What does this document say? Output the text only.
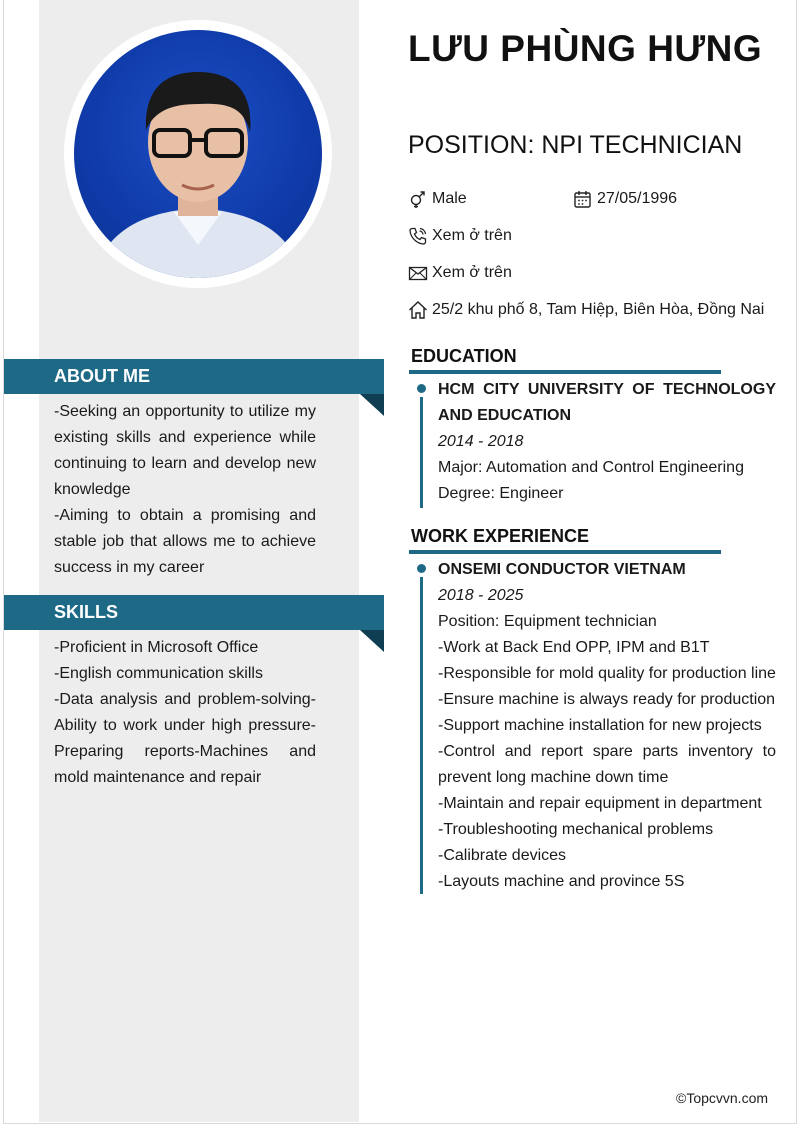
ABOUT ME

-Seeking an opportunity to utilize my existing skills and experience while continuing to learn and develop new knowledge

-Aiming to obtain a promising and stable job that allows me to achieve success in my career

SKILLS

-Proficient in Microsoft Office

-English communication skills

-Data analysis and problem-solving-Ability to work under high pressure-Preparing reports-Machines and mold maintenance and repair

LƯU PHÙNG HƯNG
POSITION: NPI TECHNICIAN
Male	27/05/1996
Xem ở trên
Xem ở trên
25/2 khu phố 8, Tam Hiệp, Biên Hòa, Đồng Nai
EDUCATION
HCM CITY UNIVERSITY OF TECHNOLOGY AND EDUCATION
2014 - 2018
Major: Automation and Control Engineering
Degree: Engineer
WORK EXPERIENCE
ONSEMI CONDUCTOR VIETNAM
2018 - 2025
Position: Equipment technician
-Work at Back End OPP, IPM and B1T
-Responsible for mold quality for production line
-Ensure machine is always ready for production
-Support machine installation for new projects
-Control and report spare parts inventory to prevent long machine down time
-Maintain and repair equipment in department
-Troubleshooting mechanical problems
-Calibrate devices
-Layouts machine and province 5S
©Topcvvn.com
